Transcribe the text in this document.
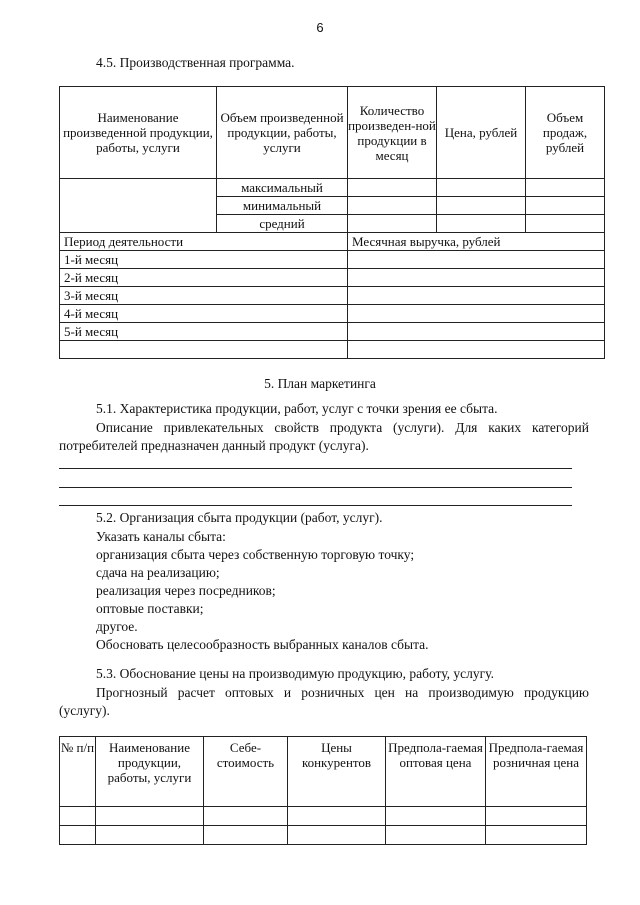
6
4.5. Производственная программа.
Наименование произведенной продукции, работы, услуги	Объем произведенной продукции, работы, услуги	Количество произведен-ной продукции в месяц	Цена, рублей	Объем продаж, рублей
	максимальный			
	минимальный			
	средний			
Период деятельности		Месячная выручка, рублей		
1-й месяц				
2-й месяц				
3-й месяц				
4-й месяц				
5-й месяц				

5. План маркетинга
5.1. Характеристика продукции, работ, услуг с точки зрения ее сбыта.
Описание привлекательных свойств продукта (услуги). Для каких категорий потребителей предназначен данный продукт (услуга).
5.2. Организация сбыта продукции (работ, услуг).
Указать каналы сбыта:
организация сбыта через собственную торговую точку;
сдача на реализацию;
реализация через посредников;
оптовые поставки;
другое.
Обосновать целесообразность выбранных каналов сбыта.
5.3. Обоснование цены на производимую продукцию, работу, услугу.
Прогнозный расчет оптовых и розничных цен на производимую продукцию (услугу).
№ п/п	Наименование продукции, работы, услуги	Себе-стоимость	Цены конкурентов	Предпола-гаемая оптовая цена	Предпола-гаемая розничная цена
